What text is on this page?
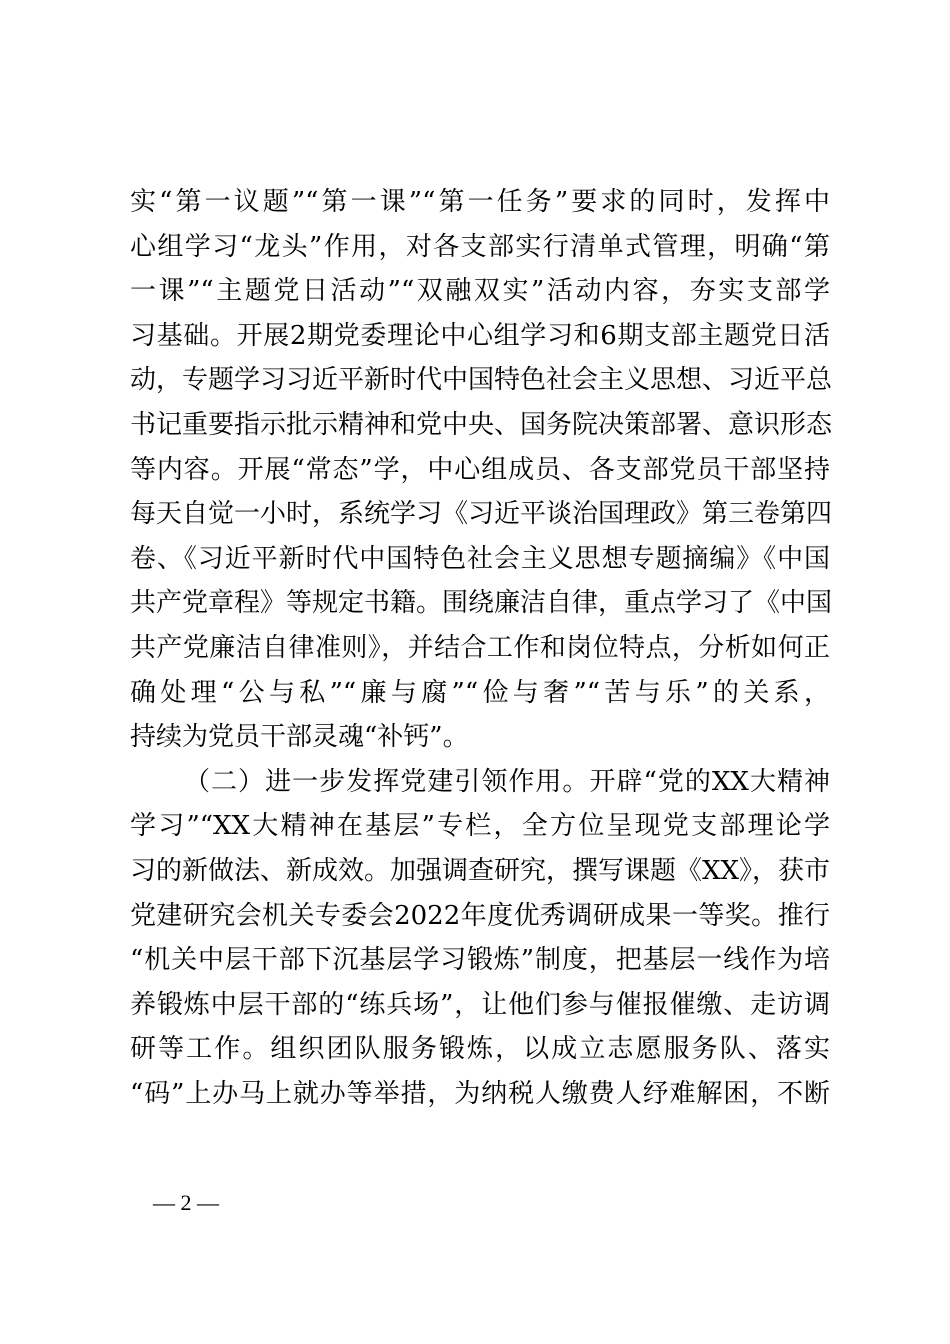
实“第一议题”“第一课”“第一任务”要求的同时，发挥中
心组学习“龙头”作用，对各支部实行清单式管理，明确“第
一课”“主题党日活动”“双融双实”活动内容，夯实支部学
习基础。开展2期党委理论中心组学习和6期支部主题党日活
动，专题学习习近平新时代中国特色社会主义思想、习近平总
书记重要指示批示精神和党中央、国务院决策部署、意识形态
等内容。开展“常态”学，中心组成员、各支部党员干部坚持
每天自觉一小时，系统学习《习近平谈治国理政》第三卷第四
卷、《习近平新时代中国特色社会主义思想专题摘编》《中国
共产党章程》等规定书籍。围绕廉洁自律，重点学习了《中国
共产党廉洁自律准则》，并结合工作和岗位特点，分析如何正
确处理“公与私”“廉与腐”“俭与奢”“苦与乐”的关系，
持续为党员干部灵魂“补钙”。
（二）进一步发挥党建引领作用。开辟“党的XX大精神
学习”“XX大精神在基层”专栏，全方位呈现党支部理论学
习的新做法、新成效。加强调查研究，撰写课题《XX》，获市
党建研究会机关专委会2022年度优秀调研成果一等奖。推行
“机关中层干部下沉基层学习锻炼”制度，把基层一线作为培
养锻炼中层干部的“练兵场”，让他们参与催报催缴、走访调
研等工作。组织团队服务锻炼，以成立志愿服务队、落实
“码”上办马上就办等举措，为纳税人缴费人纾难解困，不断
— 2 —
